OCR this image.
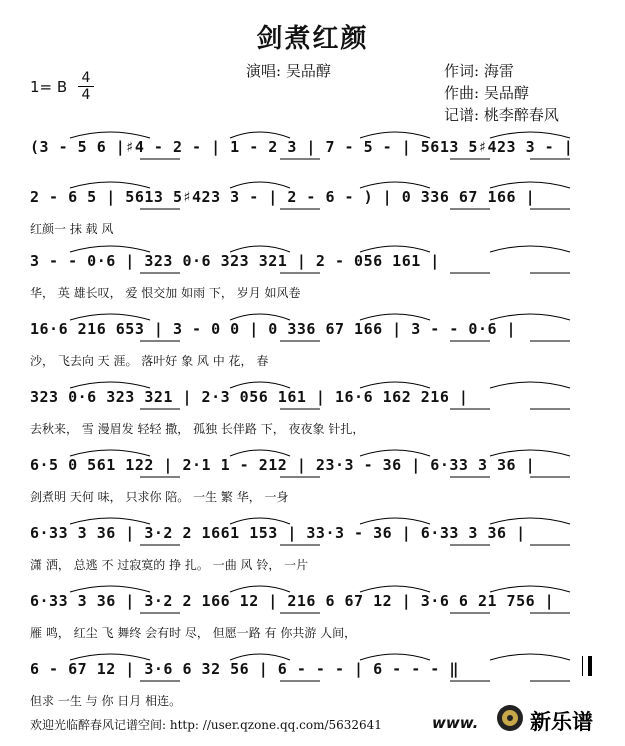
剑煮红颜
演唱: 吴品醇	作词: 海雷
作曲: 吴品醇
记谱: 桃李醉春风
1= B 4
4
(3 - 5 6 |♯4 - 2 - | 1 - 2 3 | 7 - 5 - | 5613 5♯423 3 - |
2 - 6 5 | 5613 5♯423 3 - | 2 - 6 - ) | 0 336 67 166 |
红颜一 抹 载 风
3 - - 0·6 | 323 0·6 323 321 | 2 - 056 161 |
华， 英 雄长叹， 爱 恨交加 如雨 下， 岁月 如风卷
16·6 216 653 | 3 - 0 0 | 0 336 67 166 | 3 - - 0·6 |
沙， 飞去向 天 涯。 落叶好 象 风 中 花， 春
323 0·6 323 321 | 2·3 056 161 | 16·6 162 216 |
去秋来， 雪 漫眉发 轻轻 撒， 孤独 长伴路 下， 夜夜象 针扎，
6·5 0 561 122 | 2·1 1 - 212 | 23·3 - 36 | 6·33 3 36 |
剑煮明 天何 味， 只求你 陪。 一生 繁 华， 一身
6·33 3 36 | 3·2 2 1661 153 | 33·3 - 36 | 6·33 3 36 |
潇 洒， 总逃 不 过寂寞的 挣 扎。 一曲 风 铃， 一片
6·33 3 36 | 3·2 2 166 12 | 216 6 67 12 | 3·6 6 21 756 |
雁 鸣， 红尘 飞 舞终 会有时 尽， 但愿一路 有 你共游 人间，
6 - 67 12 | 3·6 6 32 56 | 6 - - - | 6 - - - ‖
但求 一生 与 你 日月 相连。
欢迎光临醉春风记谱空间: http: //user.qzone.qq.com/5632641	www. 新乐谱
